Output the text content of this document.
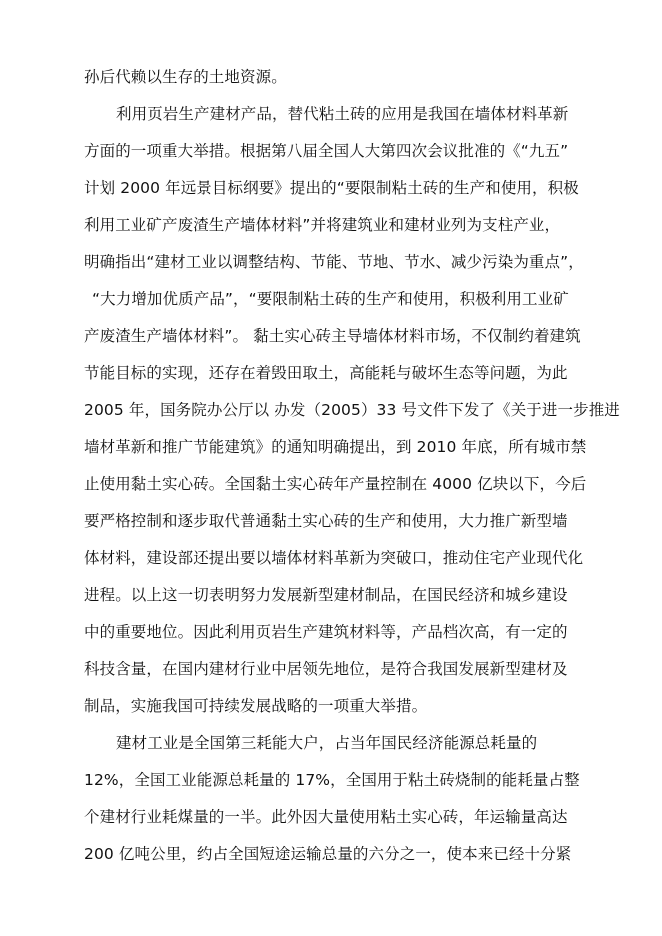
孙后代赖以生存的土地资源。
利用页岩生产建材产品，替代粘土砖的应用是我国在墙体材料革新
方面的一项重大举措。根据第八届全国人大第四次会议批准的《“九五”
计划 2000 年远景目标纲要》提出的“要限制粘土砖的生产和使用，积极
利用工业矿产废渣生产墙体材料”并将建筑业和建材业列为支柱产业，
明确指出“建材工业以调整结构、节能、节地、节水、减少污染为重点”，
“大力增加优质产品”，“要限制粘土砖的生产和使用，积极利用工业矿
产废渣生产墙体材料”。 黏土实心砖主导墙体材料市场，不仅制约着建筑
节能目标的实现，还存在着毁田取土，高能耗与破坏生态等问题，为此
2005 年，国务院办公厅以 办发（2005）33 号文件下发了《关于进一步推进
墙材革新和推广节能建筑》的通知明确提出，到 2010 年底，所有城市禁
止使用黏土实心砖。全国黏土实心砖年产量控制在 4000 亿块以下，今后
要严格控制和逐步取代普通黏土实心砖的生产和使用，大力推广新型墙
体材料，建设部还提出要以墙体材料革新为突破口，推动住宅产业现代化
进程。以上这一切表明努力发展新型建材制品，在国民经济和城乡建设
中的重要地位。因此利用页岩生产建筑材料等，产品档次高，有一定的
科技含量，在国内建材行业中居领先地位，是符合我国发展新型建材及
制品，实施我国可持续发展战略的一项重大举措。
建材工业是全国第三耗能大户，占当年国民经济能源总耗量的
12%，全国工业能源总耗量的 17%，全国用于粘土砖烧制的能耗量占整
个建材行业耗煤量的一半。此外因大量使用粘土实心砖，年运输量高达
200 亿吨公里，约占全国短途运输总量的六分之一，使本来已经十分紧
